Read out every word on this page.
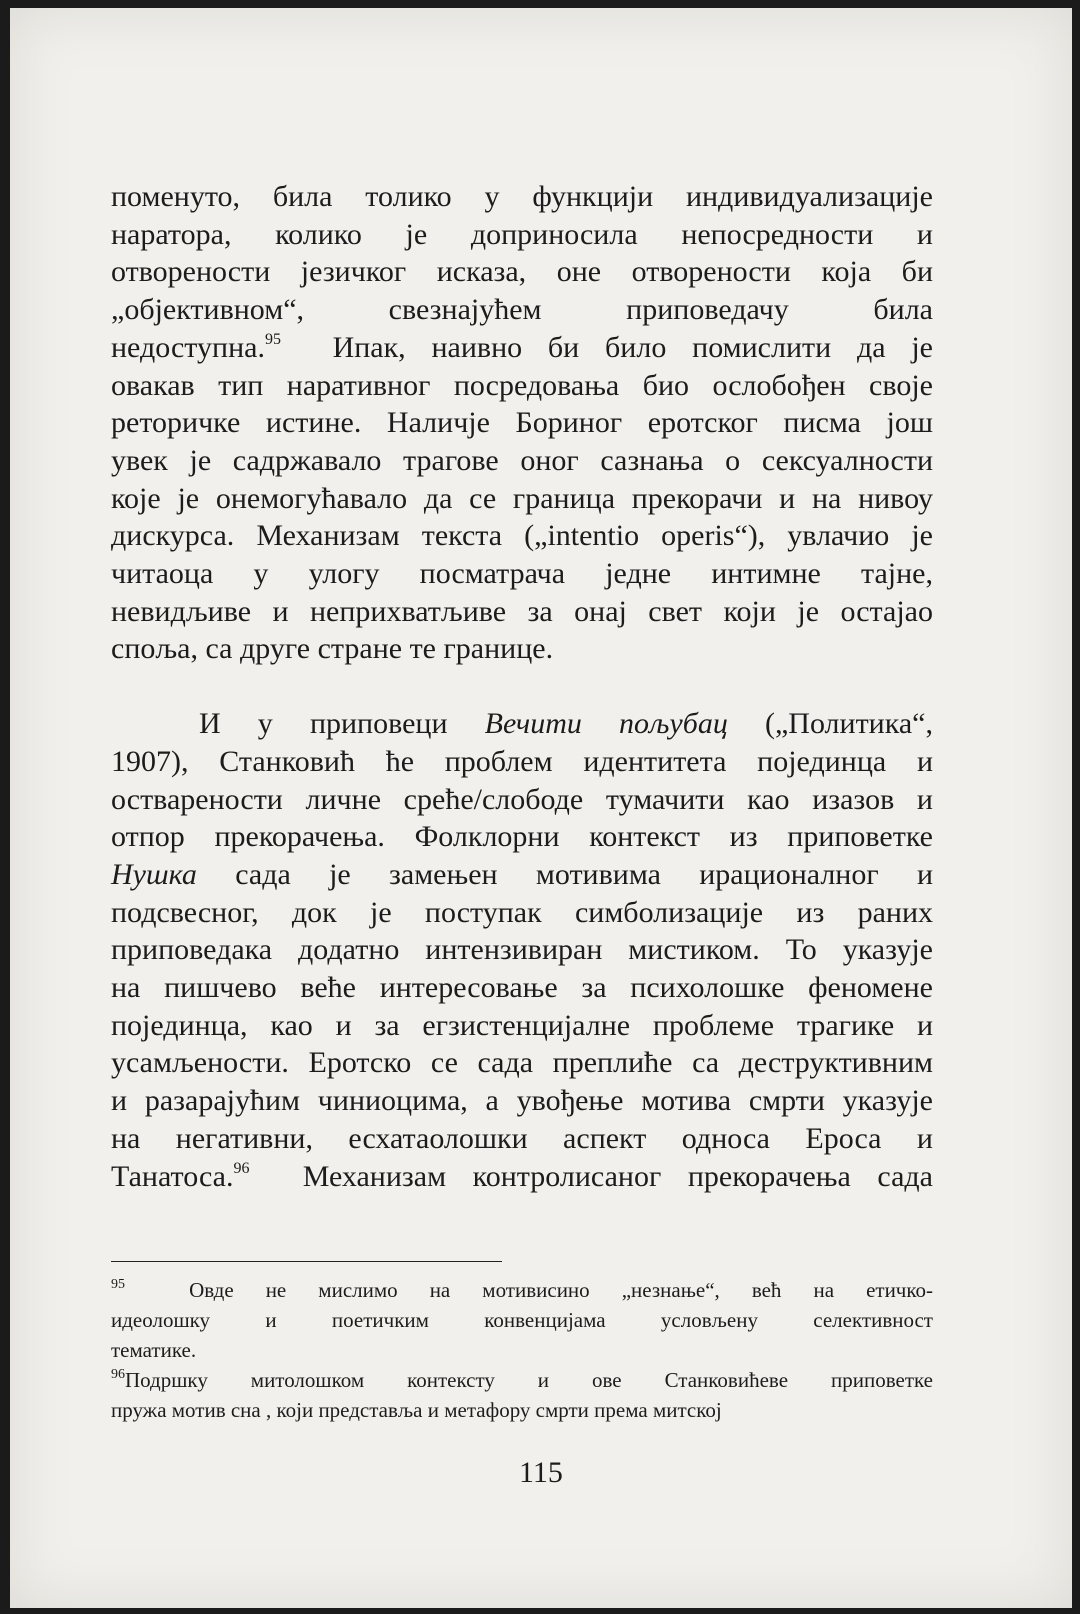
поменуто, била толико у функцији индивидуализације

наратора, колико је доприносила непосредности и

отворености језичког исказа, оне отворености која би

„објективном“, свезнајућем приповедачу била

недоступна.$^{95}$ Ипак, наивно би било помислити да је

овакав тип наративног посредовања био ослобођен своје

реторичке истине. Наличје Бориног еротског писма још

увек је садржавало трагове оног сазнања о сексуалности

које је онемогућавало да се граница прекорачи и на нивоу

дискурса. Механизам текста („intentio operis“), увлачио је

читаоца у улогу посматрача једне интимне тајне,

невидљиве и неприхватљиве за онај свет који је остајао

споља, са друге стране те границе.

И у приповеци Вечити пољубац („Политика“,

1907), Станковић ће проблем идентитета појединца и

остварености личне среће/слободе тумачити као изазов и

отпор прекорачења. Фолклорни контекст из приповетке

Нушка сада је замењен мотивима ирационалног и

подсвесног, док је поступак симболизације из раних

приповедака додатно интензивиран мистиком. То указује

на пишчево веће интересовање за психолошке феномене

појединца, као и за егзистенцијалне проблеме трагике и

усамљености. Еротско се сада преплиће са деструктивним

и разарајућим чиниоцима, а увођење мотива смрти указује

на негативни, есхатаолошки аспект односа Ероса и

Танатоса.$^{96}$ Механизам контролисаног прекорачења сада

$^{95}$	Овде не мислимо на мотивисино „незнање“, већ на етичко-

идеолошку и поетичким конвенцијама условљену селективност

тематике.

$^{96}$Подршку митолошком контексту и ове Станковићеве приповетке

пружа мотив сна , који представља и метафору смрти према митској

115
